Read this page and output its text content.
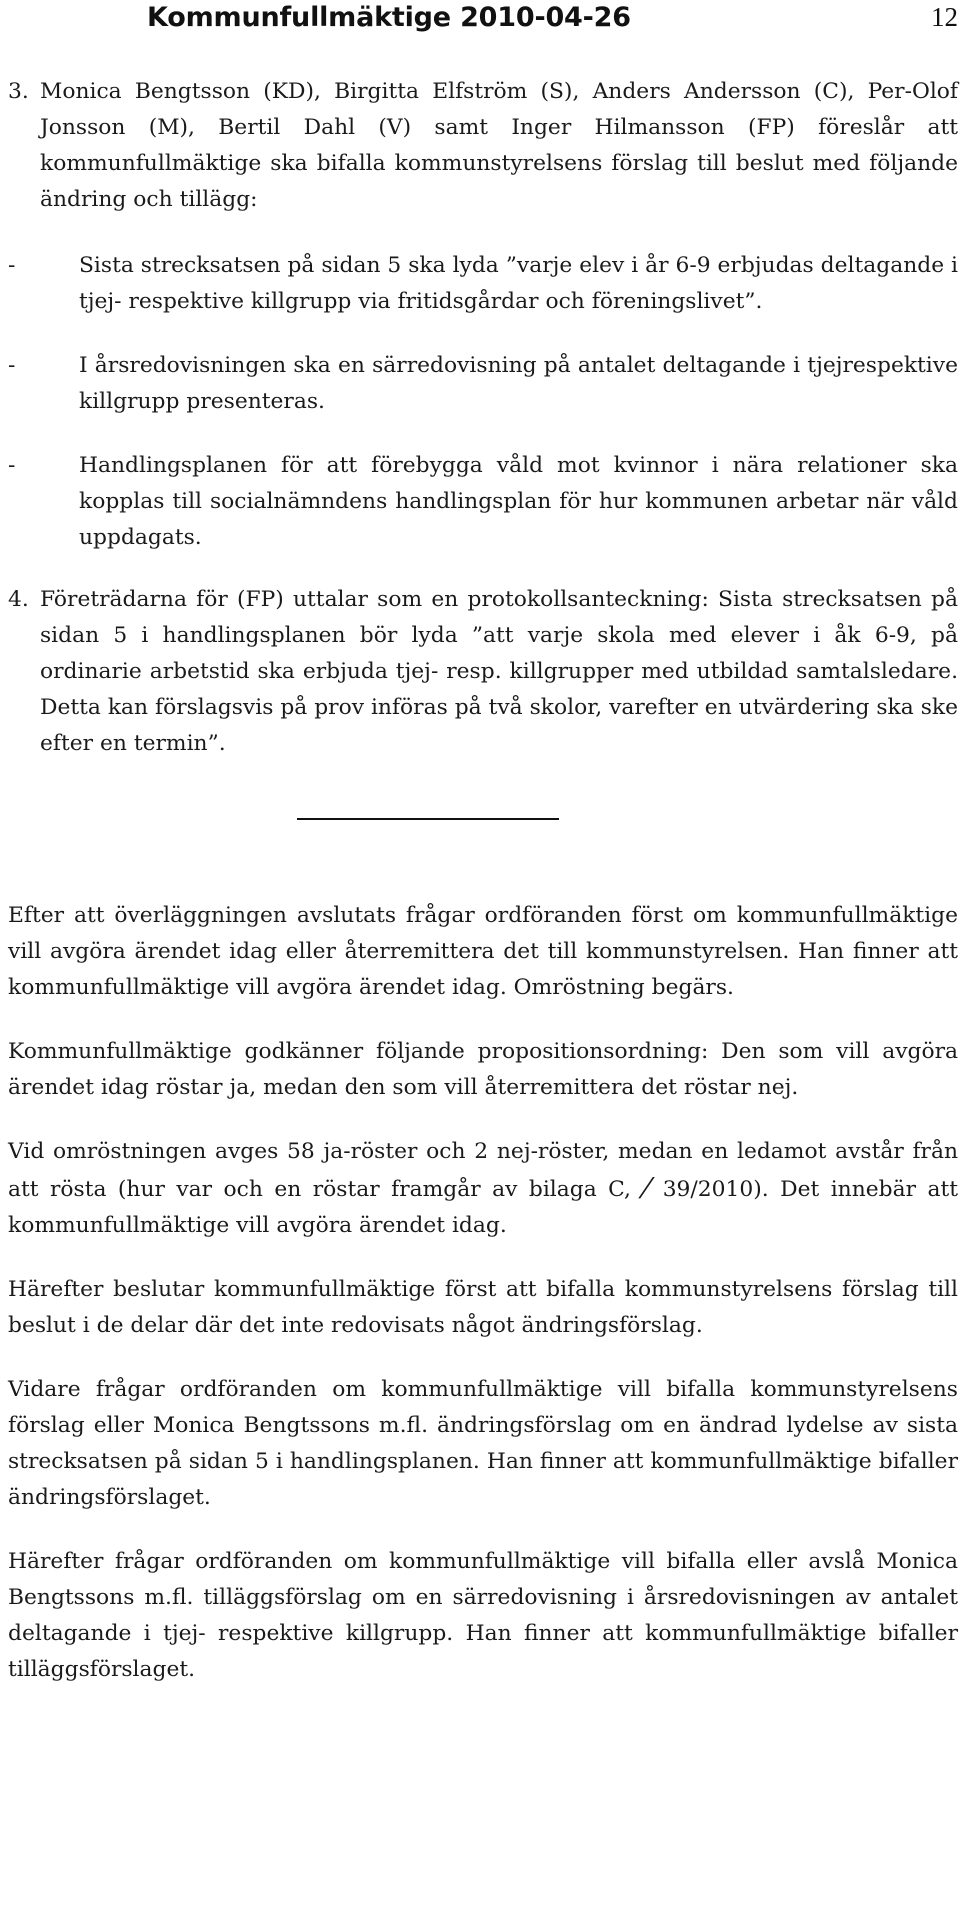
Kommunfullmäktige 2010-04-26	12
3. Monica Bengtsson (KD), Birgitta Elfström (S), Anders Andersson (C), Per-Olof Jonsson (M), Bertil Dahl (V) samt Inger Hilmansson (FP) föreslår att kommunfullmäktige ska bifalla kommunstyrelsens förslag till beslut med följande ändring och tillägg:
-	Sista strecksatsen på sidan 5 ska lyda ”varje elev i år 6-9 erbjudas deltagande i tjej- respektive killgrupp via fritidsgårdar och föreningslivet”.
-	I årsredovisningen ska en särredovisning på antalet deltagande i tjejrespektive killgrupp presenteras.
-	Handlingsplanen för att förebygga våld mot kvinnor i nära relationer ska kopplas till socialnämndens handlingsplan för hur kommunen arbetar när våld uppdagats.
4. Företrädarna för (FP) uttalar som en protokollsanteckning: Sista strecksatsen på sidan 5 i handlingsplanen bör lyda ”att varje skola med elever i åk 6-9, på ordinarie arbetstid ska erbjuda tjej- resp. killgrupper med utbildad samtalsledare. Detta kan förslagsvis på prov införas på två skolor, varefter en utvärdering ska ske efter en termin”.

Efter att överläggningen avslutats frågar ordföranden först om kommunfullmäktige vill avgöra ärendet idag eller återremittera det till kommunstyrelsen. Han finner att kommunfullmäktige vill avgöra ärendet idag. Omröstning begärs.

Kommunfullmäktige godkänner följande propositionsordning: Den som vill avgöra ärendet idag röstar ja, medan den som vill återremittera det röstar nej.

Vid omröstningen avges 58 ja-röster och 2 nej-röster, medan en ledamot avstår från att rösta (hur var och en röstar framgår av bilaga C, / 39/2010). Det innebär att kommunfullmäktige vill avgöra ärendet idag.

Härefter beslutar kommunfullmäktige först att bifalla kommunstyrelsens förslag till beslut i de delar där det inte redovisats något ändringsförslag.

Vidare frågar ordföranden om kommunfullmäktige vill bifalla kommunstyrelsens förslag eller Monica Bengtssons m.fl. ändringsförslag om en ändrad lydelse av sista strecksatsen på sidan 5 i handlingsplanen. Han finner att kommunfullmäktige bifaller ändringsförslaget.

Härefter frågar ordföranden om kommunfullmäktige vill bifalla eller avslå Monica Bengtssons m.fl. tilläggsförslag om en särredovisning i årsredovisningen av antalet deltagande i tjej- respektive killgrupp. Han finner att kommunfullmäktige bifaller tilläggsförslaget.
